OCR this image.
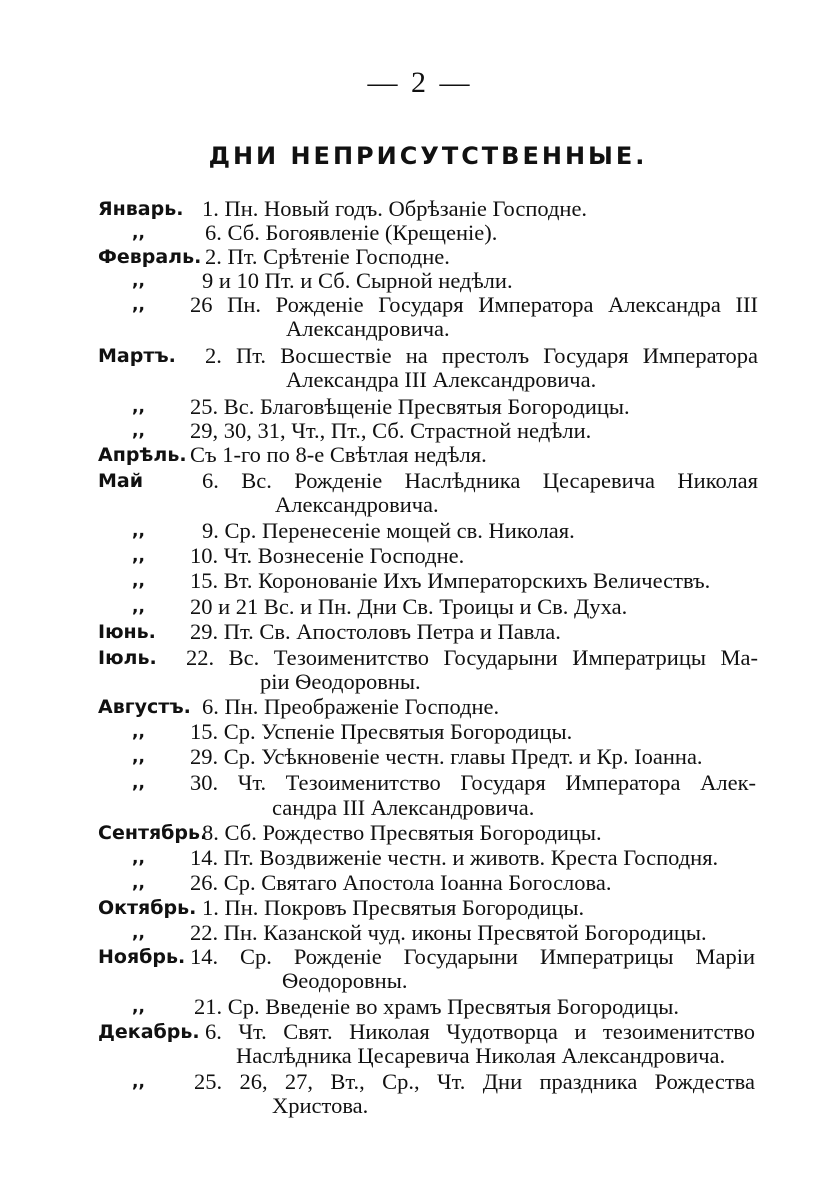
— 2 —
ДНИ НЕПРИСУТСТВЕННЫЕ.
Январь. 1. Пн. Новый годъ. Обрѣзаніе Господне.
,,	6. Сб. Богоявленіе (Крещеніе).
Февраль. 2. Пт. Срѣтеніе Господне.
,,	9 и 10 Пт. и Сб. Сырной недѣли.
,, 26 Пн. Рожденіе Государя Императора Александра III
Александровича.
Мартъ. 2. Пт. Восшествіе на престолъ Государя Императора
Александра III Александровича.
,, 25. Вс. Благовѣщеніе Пресвятыя Богородицы.
,, 29, 30, 31, Чт., Пт., Сб. Страстной недѣли.
Апрѣль. Съ 1-го по 8-е Свѣтлая недѣля.
Май	6. Вс. Рожденіе Наслѣдника Цесаревича Николая
Александровича.
,,	9. Ср. Перенесеніе мощей св. Николая.
,, 10. Чт. Вознесеніе Господне.
,, 15. Вт. Коронованіе Ихъ Императорскихъ Величествъ.
,, 20 и 21 Вс. и Пн. Дни Св. Троицы и Св. Духа.
Іюнь. 29. Пт. Св. Апостоловъ Петра и Павла.
Іюль. 22. Вс. Тезоименитство Государыни Императрицы Ма-
ріи Ѳеодоровны.
Августъ. 6. Пн. Преображеніе Господне.
,, 15. Ср. Успеніе Пресвятыя Богородицы.
,, 29. Ср. Усѣкновеніе честн. главы Предт. и Кр. Іоанна.
,, 30. Чт. Тезоименитство Государя Императора Алек-
сандра III Александровича.
Сентябрь.
8. Сб. Рождество Пресвятыя Богородицы.
,, 14. Пт. Воздвиженіе честн. и животв. Креста Господня.
,, 26. Ср. Святаго Апостола Іоанна Богослова.
Октябрь. 1. Пн. Покровъ Пресвятыя Богородицы.
,, 22. Пн. Казанской чуд. иконы Пресвятой Богородицы.
Ноябрь. 14. Ср. Рожденіе Государыни Императрицы Маріи
Ѳеодоровны.
,, 21. Ср. Введеніе во храмъ Пресвятыя Богородицы.
Декабрь. 6. Чт. Свят. Николая Чудотворца и тезоименитство
Наслѣдника Цесаревича Николая Александровича.
,, 25. 26, 27, Вт., Ср., Чт. Дни праздника Рождества
Христова.
